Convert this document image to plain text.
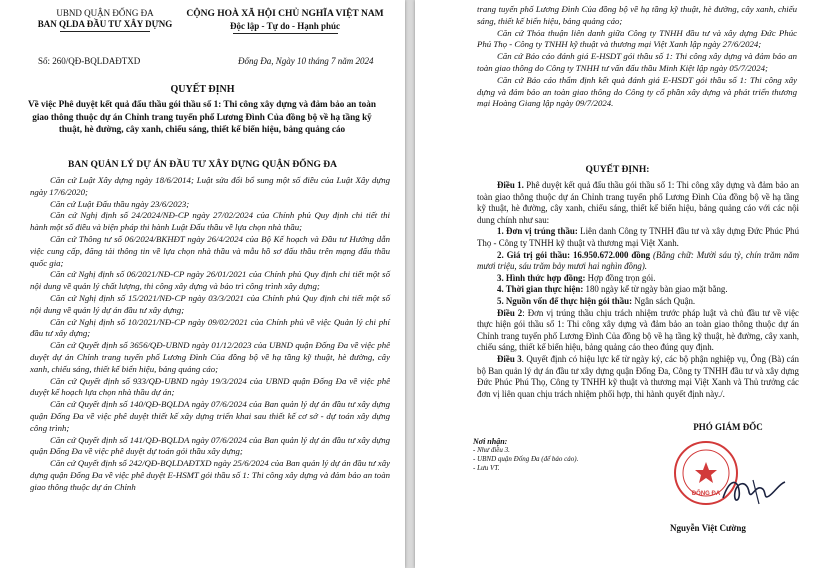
UBND QUẬN ĐỐNG ĐA
BAN QLDA ĐẦU TƯ XÂY DỰNG
CỘNG HOÀ XÃ HỘI CHỦ NGHĨA VIỆT NAM
Độc lập - Tự do - Hạnh phúc
Số: 260/QĐ-BQLDAĐTXD	Đống Đa, Ngày 10 tháng 7 năm 2024
QUYẾT ĐỊNH
Về việc Phê duyệt kết quả đấu thầu gói thầu số 1: Thi công xây dựng và đảm bảo an toàn giao thông thuộc dự án Chỉnh trang tuyến phố Lương Đình Của đồng bộ về hạ tầng kỹ thuật, hè đường, cây xanh, chiếu sáng, thiết kế biển hiệu, bảng quảng cáo
BAN QUẢN LÝ DỰ ÁN ĐẦU TƯ XÂY DỰNG QUẬN ĐỐNG ĐA

Căn cứ Luật Xây dựng ngày 18/6/2014; Luật sửa đổi bổ sung một số điều của Luật Xây dựng ngày 17/6/2020;

Căn cứ Luật Đấu thầu ngày 23/6/2023;

Căn cứ Nghị định số 24/2024/NĐ-CP ngày 27/02/2024 của Chính phủ Quy định chi tiết thi hành một số điều và biện pháp thi hành Luật Đấu thầu về lựa chọn nhà thầu;

Căn cứ Thông tư số 06/2024/BKHĐT ngày 26/4/2024 của Bộ Kế hoạch và Đầu tư Hướng dẫn việc cung cấp, đăng tải thông tin về lựa chọn nhà thầu và mẫu hồ sơ đấu thầu trên mạng đấu thầu quốc gia;

Căn cứ Nghị định số 06/2021/NĐ-CP ngày 26/01/2021 của Chính phủ Quy định chi tiết một số nội dung về quản lý chất lượng, thi công xây dựng và bảo trì công trình xây dựng;

Căn cứ Nghị định số 15/2021/NĐ-CP ngày 03/3/2021 của Chính phủ Quy định chi tiết một số nội dung về quản lý dự án đầu tư xây dựng;

Căn cứ Nghị định số 10/2021/NĐ-CP ngày 09/02/2021 của Chính phủ về việc Quản lý chi phí đầu tư xây dựng;

Căn cứ Quyết định số 3656/QĐ-UBND ngày 01/12/2023 của UBND quận Đống Đa về việc phê duyệt dự án Chỉnh trang tuyến phố Lương Đình Của đồng bộ về hạ tầng kỹ thuật, hè đường, cây xanh, chiếu sáng, thiết kế biển hiệu, bảng quảng cáo;

Căn cứ Quyết định số 933/QĐ-UBND ngày 19/3/2024 của UBND quận Đống Đa về việc phê duyệt kế hoạch lựa chọn nhà thầu dự án;

Căn cứ Quyết định số 140/QĐ-BQLDA ngày 07/6/2024 của Ban quản lý dự án đầu tư xây dựng quận Đống Đa về việc phê duyệt thiết kế xây dựng triển khai sau thiết kế cơ sở - dự toán xây dựng công trình;

Căn cứ Quyết định số 141/QĐ-BQLDA ngày 07/6/2024 của Ban quản lý dự án đầu tư xây dựng quận Đống Đa về việc phê duyệt dự toán gói thầu xây dựng;

Căn cứ Quyết định số 242/QĐ-BQLDAĐTXD ngày 25/6/2024 của Ban quản lý dự án đầu tư xây dựng quận Đống Đa về việc phê duyệt E-HSMT gói thầu số 1: Thi công xây dựng và đảm bảo an toàn giao thông thuộc dự án Chỉnh

trang tuyến phố Lương Đình Của đồng bộ về hạ tầng kỹ thuật, hè đường, cây xanh, chiếu sáng, thiết kế biển hiệu, bảng quảng cáo;

Căn cứ Thỏa thuận liên danh giữa Công ty TNHH đầu tư và xây dựng Đức Phúc Phú Thọ - Công ty TNHH kỹ thuật và thương mại Việt Xanh lập ngày 27/6/2024;

Căn cứ Báo cáo đánh giá E-HSDT gói thầu số 1: Thi công xây dựng và đảm bảo an toàn giao thông do Công ty TNHH tư vấn đấu thầu Minh Kiệt lập ngày 05/7/2024;

Căn cứ Báo cáo thẩm định kết quả đánh giá E-HSDT gói thầu số 1: Thi công xây dựng và đảm bảo an toàn giao thông do Công ty cổ phần xây dựng và phát triển thương mại Hoàng Giang lập ngày 09/7/2024.

QUYẾT ĐỊNH:

Điều 1. Phê duyệt kết quả đấu thầu gói thầu số 1: Thi công xây dựng và đảm bảo an toàn giao thông thuộc dự án Chỉnh trang tuyến phố Lương Đình Của đồng bộ về hạ tầng kỹ thuật, hè đường, cây xanh, chiếu sáng, thiết kế biển hiệu, bảng quảng cáo với các nội dung chính như sau:

1. Đơn vị trúng thầu: Liên danh Công ty TNHH đầu tư và xây dựng Đức Phúc Phú Thọ - Công ty TNHH kỹ thuật và thương mại Việt Xanh.

2. Giá trị gói thầu: 16.950.672.000 đồng (Bằng chữ: Mười sáu tỷ, chín trăm năm mươi triệu, sáu trăm bảy mươi hai nghìn đồng).

3. Hình thức hợp đồng: Hợp đồng trọn gói.

4. Thời gian thực hiện: 180 ngày kể từ ngày bàn giao mặt bằng.

5. Nguồn vốn để thực hiện gói thầu: Ngân sách Quận.

Điều 2: Đơn vị trúng thầu chịu trách nhiệm trước pháp luật và chủ đầu tư về việc thực hiện gói thầu số 1: Thi công xây dựng và đảm bảo an toàn giao thông thuộc dự án Chỉnh trang tuyến phố Lương Đình Của đồng bộ về hạ tầng kỹ thuật, hè đường, cây xanh, chiếu sáng, thiết kế biển hiệu, bảng quảng cáo theo đúng quy định.

Điều 3. Quyết định có hiệu lực kể từ ngày ký, các bộ phận nghiệp vụ, Ông (Bà) cán bộ Ban quản lý dự án đầu tư xây dựng quận Đống Đa, Công ty TNHH đầu tư và xây dựng Đức Phúc Phú Thọ, Công ty TNHH kỹ thuật và thương mại Việt Xanh và Thủ trưởng các đơn vị liên quan chịu trách nhiệm phối hợp, thi hành quyết định này./.

Nơi nhận:
- Như điều 3.
- UBND quận Đống Đa (để báo cáo).
- Lưu VT.
PHÓ GIÁM ĐỐC
ĐỐNG ĐA
Nguyễn Việt Cường
